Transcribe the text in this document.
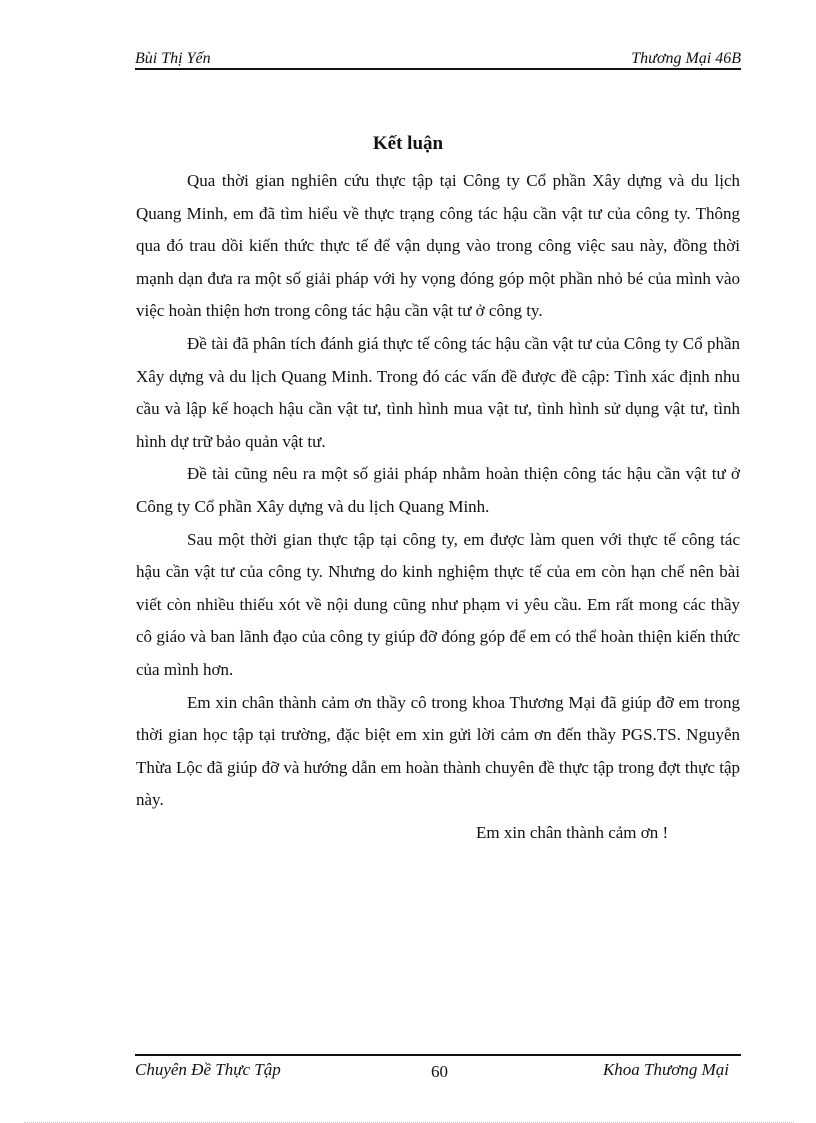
Bùi Thị Yến	Thương Mại 46B
Kết luận

Qua thời gian nghiên cứu thực tập tại Công ty Cổ phần Xây dựng và du lịch Quang Minh, em đã tìm hiểu về thực trạng công tác hậu cần vật tư của công ty. Thông qua đó trau dồi kiến thức thực tế để vận dụng vào trong công việc sau này, đồng thời mạnh dạn đưa ra một số giải pháp với hy vọng đóng góp một phần nhỏ bé của mình vào việc hoàn thiện hơn trong công tác hậu cần vật tư ở công ty.

Đề tài đã phân tích đánh giá thực tế công tác hậu cần vật tư của Công ty Cổ phần Xây dựng và du lịch Quang Minh. Trong đó các vấn đề được đề cập: Tình xác định nhu cầu và lập kế hoạch hậu cần vật tư, tình hình mua vật tư, tình hình sử dụng vật tư, tình hình dự trữ bảo quản vật tư.

Đề tài cũng nêu ra một số giải pháp nhằm hoàn thiện công tác hậu cần vật tư ở Công ty Cổ phần Xây dựng và du lịch Quang Minh.

Sau một thời gian thực tập tại công ty, em được làm quen với thực tế công tác hậu cần vật tư của công ty. Nhưng do kinh nghiệm thực tế của em còn hạn chế nên bài viết còn nhiều thiếu xót về nội dung cũng như phạm vi yêu cầu. Em rất mong các thầy cô giáo và ban lãnh đạo của công ty giúp đỡ đóng góp để em có thể hoàn thiện kiến thức của mình hơn.

Em xin chân thành cảm ơn thầy cô trong khoa Thương Mại đã giúp đỡ em trong thời gian học tập tại trường, đặc biệt em xin gửi lời cảm ơn đến thầy PGS.TS. Nguyễn Thừa Lộc đã giúp đỡ và hướng dẫn em hoàn thành chuyên đề thực tập trong đợt thực tập này.

Em xin chân thành cảm ơn !

Chuyên Đề Thực Tập	60	Khoa Thương Mại
